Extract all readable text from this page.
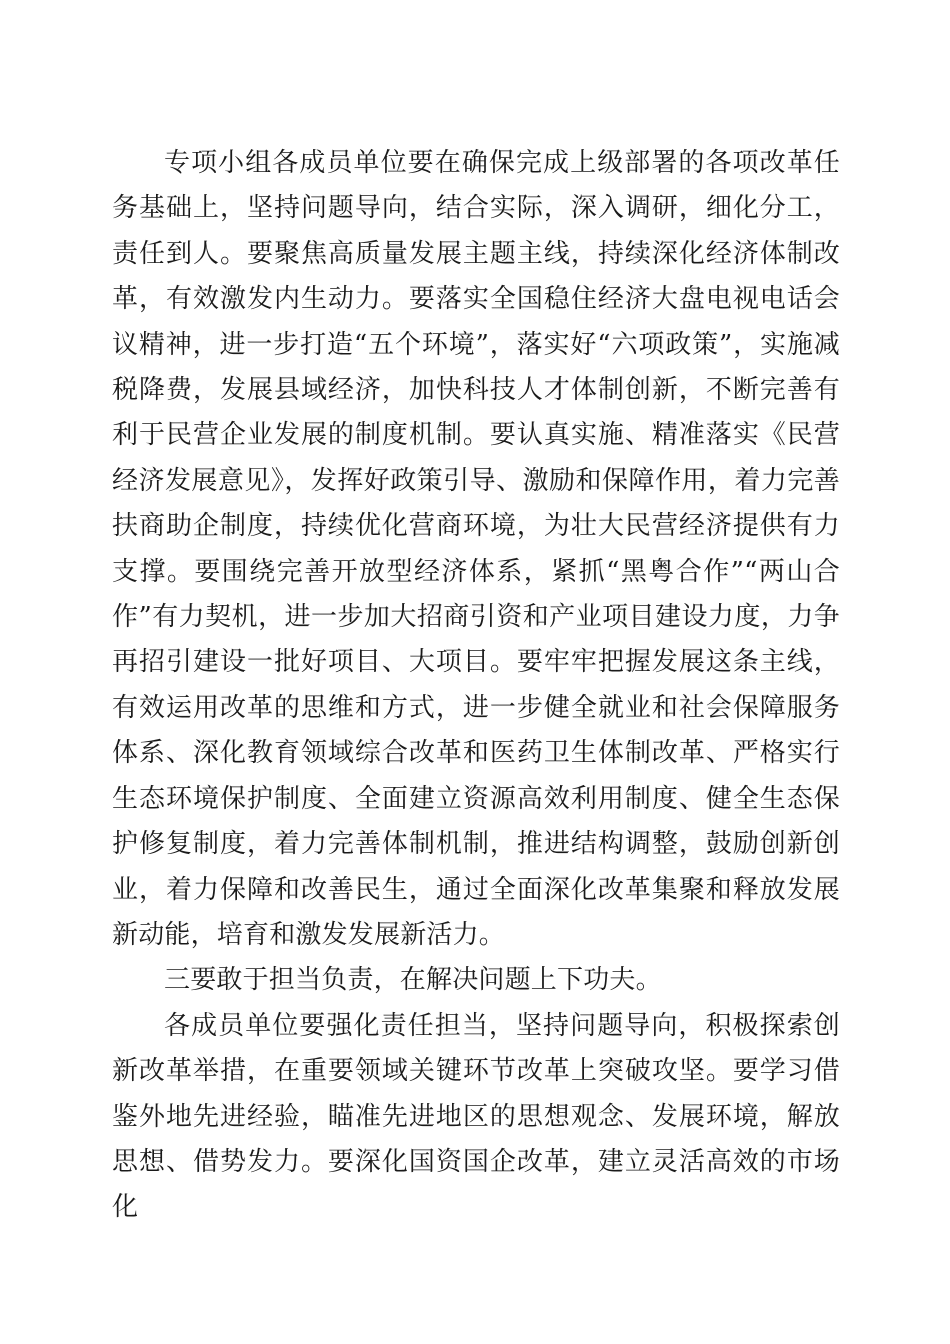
专项小组各成员单位要在确保完成上级部署的各项改革任务基础上，坚持问题导向，结合实际，深入调研，细化分工，责任到人。要聚焦高质量发展主题主线，持续深化经济体制改革，有效激发内生动力。要落实全国稳住经济大盘电视电话会议精神，进一步打造“五个环境”，落实好“六项政策”，实施减税降费，发展县域经济，加快科技人才体制创新，不断完善有利于民营企业发展的制度机制。要认真实施、精准落实《民营经济发展意见》，发挥好政策引导、激励和保障作用，着力完善扶商助企制度，持续优化营商环境，为壮大民营经济提供有力支撑。要围绕完善开放型经济体系，紧抓“黑粤合作”“两山合作”有力契机，进一步加大招商引资和产业项目建设力度，力争再招引建设一批好项目、大项目。要牢牢把握发展这条主线，有效运用改革的思维和方式，进一步健全就业和社会保障服务体系、深化教育领域综合改革和医药卫生体制改革、严格实行生态环境保护制度、全面建立资源高效利用制度、健全生态保护修复制度，着力完善体制机制，推进结构调整，鼓励创新创业，着力保障和改善民生，通过全面深化改革集聚和释放发展新动能，培育和激发发展新活力。

三要敢于担当负责，在解决问题上下功夫。

各成员单位要强化责任担当，坚持问题导向，积极探索创新改革举措，在重要领域关键环节改革上突破攻坚。要学习借鉴外地先进经验，瞄准先进地区的思想观念、发展环境，解放思想、借势发力。要深化国资国企改革，建立灵活高效的市场化
